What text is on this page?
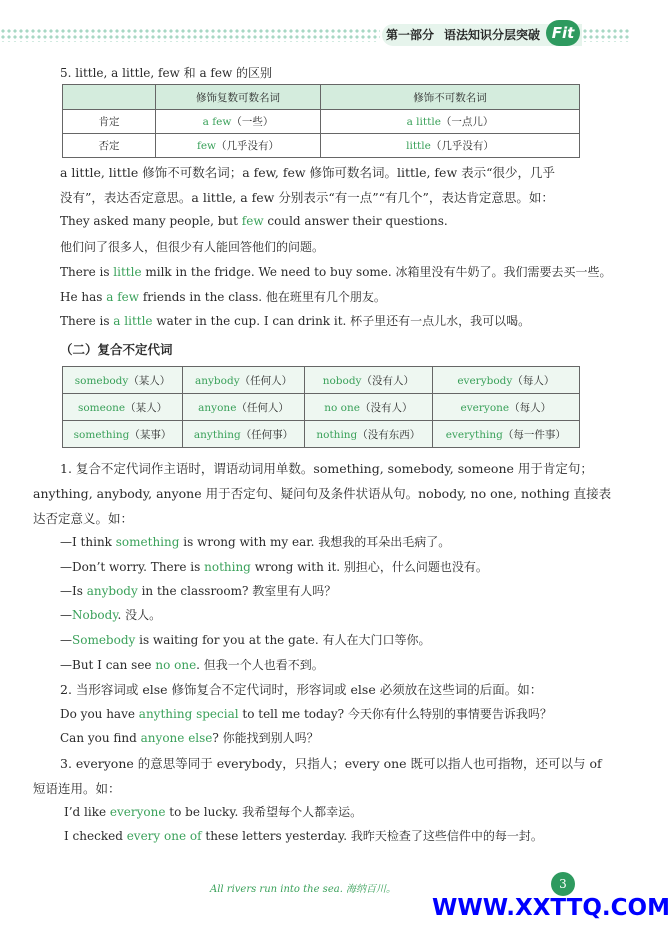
第一部分 语法知识分层突破 Fit
5. little, a little, few 和 a few 的区别
	修饰复数可数名词	修饰不可数名词
肯定	a few（一些）	a little（一点儿）
否定	few（几乎没有）	little（几乎没有）
a little, little 修饰不可数名词；a few, few 修饰可数名词。little, few 表示“很少，几乎
没有”，表达否定意思。a little, a few 分别表示“有一点”“有几个”，表达肯定意思。如：
They asked many people, but few could answer their questions.
他们问了很多人，但很少有人能回答他们的问题。
There is little milk in the fridge. We need to buy some. 冰箱里没有牛奶了。我们需要去买一些。
He has a few friends in the class. 他在班里有几个朋友。
There is a little water in the cup. I can drink it. 杯子里还有一点儿水，我可以喝。
（二）复合不定代词
somebody（某人）	anybody（任何人）	nobody（没有人）	everybody（每人）
someone（某人）	anyone（任何人）	no one（没有人）	everyone（每人）
something（某事）	anything（任何事）	nothing（没有东西）	everything（每一件事）
1. 复合不定代词作主语时，谓语动词用单数。something, somebody, someone 用于肯定句；
anything, anybody, anyone 用于否定句、疑问句及条件状语从句。nobody, no one, nothing 直接表
达否定意义。如：
—I think something is wrong with my ear. 我想我的耳朵出毛病了。
—Don’t worry. There is nothing wrong with it. 别担心，什么问题也没有。
—Is anybody in the classroom? 教室里有人吗？
—Nobody. 没人。
—Somebody is waiting for you at the gate. 有人在大门口等你。
—But I can see no one. 但我一个人也看不到。
2. 当形容词或 else 修饰复合不定代词时，形容词或 else 必须放在这些词的后面。如：
Do you have anything special to tell me today? 今天你有什么特别的事情要告诉我吗？
Can you find anyone else? 你能找到别人吗？
3. everyone 的意思等同于 everybody，只指人；every one 既可以指人也可指物，还可以与 of
短语连用。如：
I’d like everyone to be lucky. 我希望每个人都幸运。
I checked every one of these letters yesterday. 我昨天检查了这些信件中的每一封。
All rivers run into the sea. 海纳百川。	3
WWW.XXTTQ.COM
